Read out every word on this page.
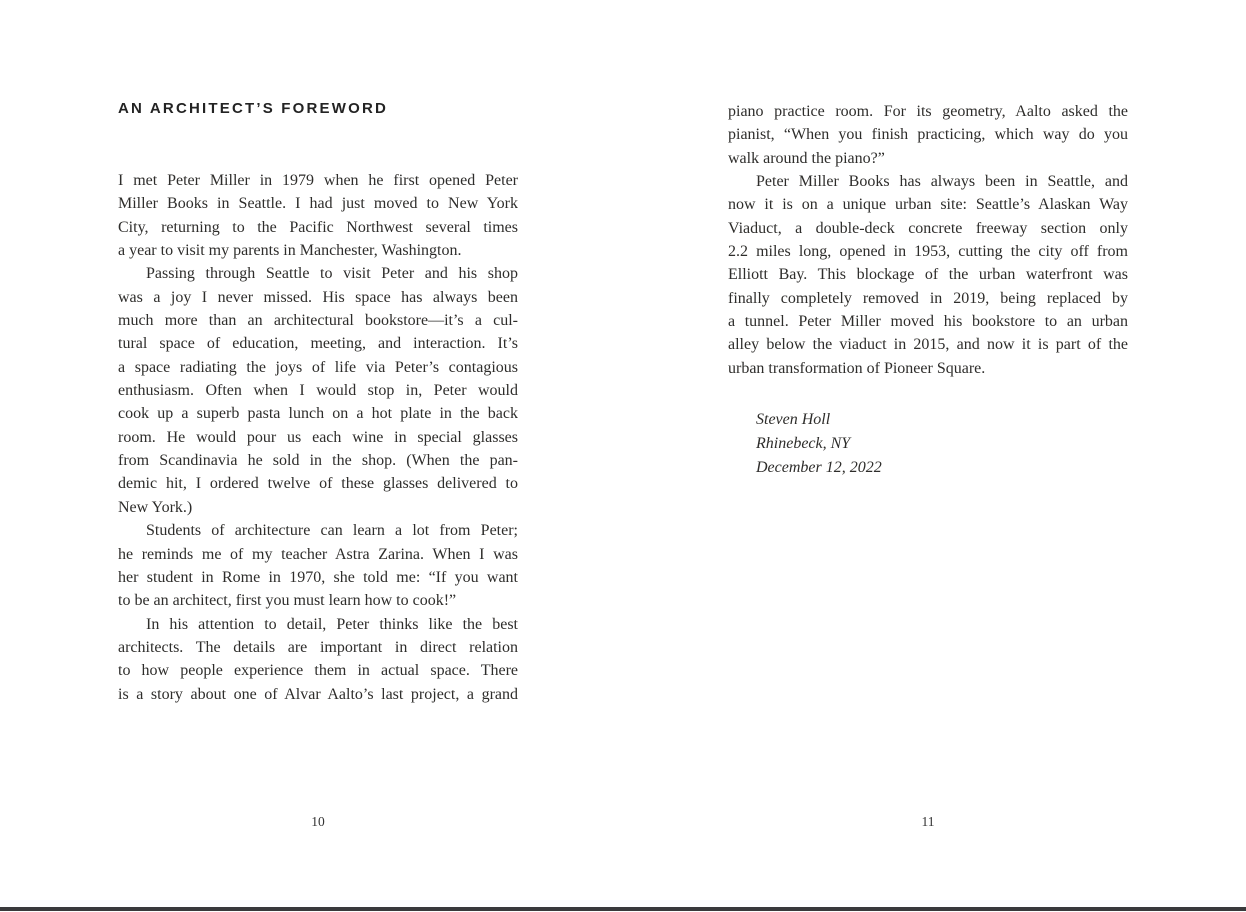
AN ARCHITECT’S FOREWORD
I met Peter Miller in 1979 when he first opened Peter
Miller Books in Seattle. I had just moved to New York
City, returning to the Pacific Northwest several times
a year to visit my parents in Manchester, Washington.
Passing through Seattle to visit Peter and his shop
was a joy I never missed. His space has always been
much more than an architectural bookstore—it’s a cul-
tural space of education, meeting, and interaction. It’s
a space radiating the joys of life via Peter’s contagious
enthusiasm. Often when I would stop in, Peter would
cook up a superb pasta lunch on a hot plate in the back
room. He would pour us each wine in special glasses
from Scandinavia he sold in the shop. (When the pan-
demic hit, I ordered twelve of these glasses delivered to
New York.)
Students of architecture can learn a lot from Peter;
he reminds me of my teacher Astra Zarina. When I was
her student in Rome in 1970, she told me: “If you want
to be an architect, first you must learn how to cook!”
In his attention to detail, Peter thinks like the best
architects. The details are important in direct relation
to how people experience them in actual space. There
is a story about one of Alvar Aalto’s last project, a grand
10
piano practice room. For its geometry, Aalto asked the
pianist, “When you finish practicing, which way do you
walk around the piano?”
Peter Miller Books has always been in Seattle, and
now it is on a unique urban site: Seattle’s Alaskan Way
Viaduct, a double-deck concrete freeway section only
2.2 miles long, opened in 1953, cutting the city off from
Elliott Bay. This blockage of the urban waterfront was
finally completely removed in 2019, being replaced by
a tunnel. Peter Miller moved his bookstore to an urban
alley below the viaduct in 2015, and now it is part of the
urban transformation of Pioneer Square.
Steven Holl
Rhinebeck, NY
December 12, 2022
11
